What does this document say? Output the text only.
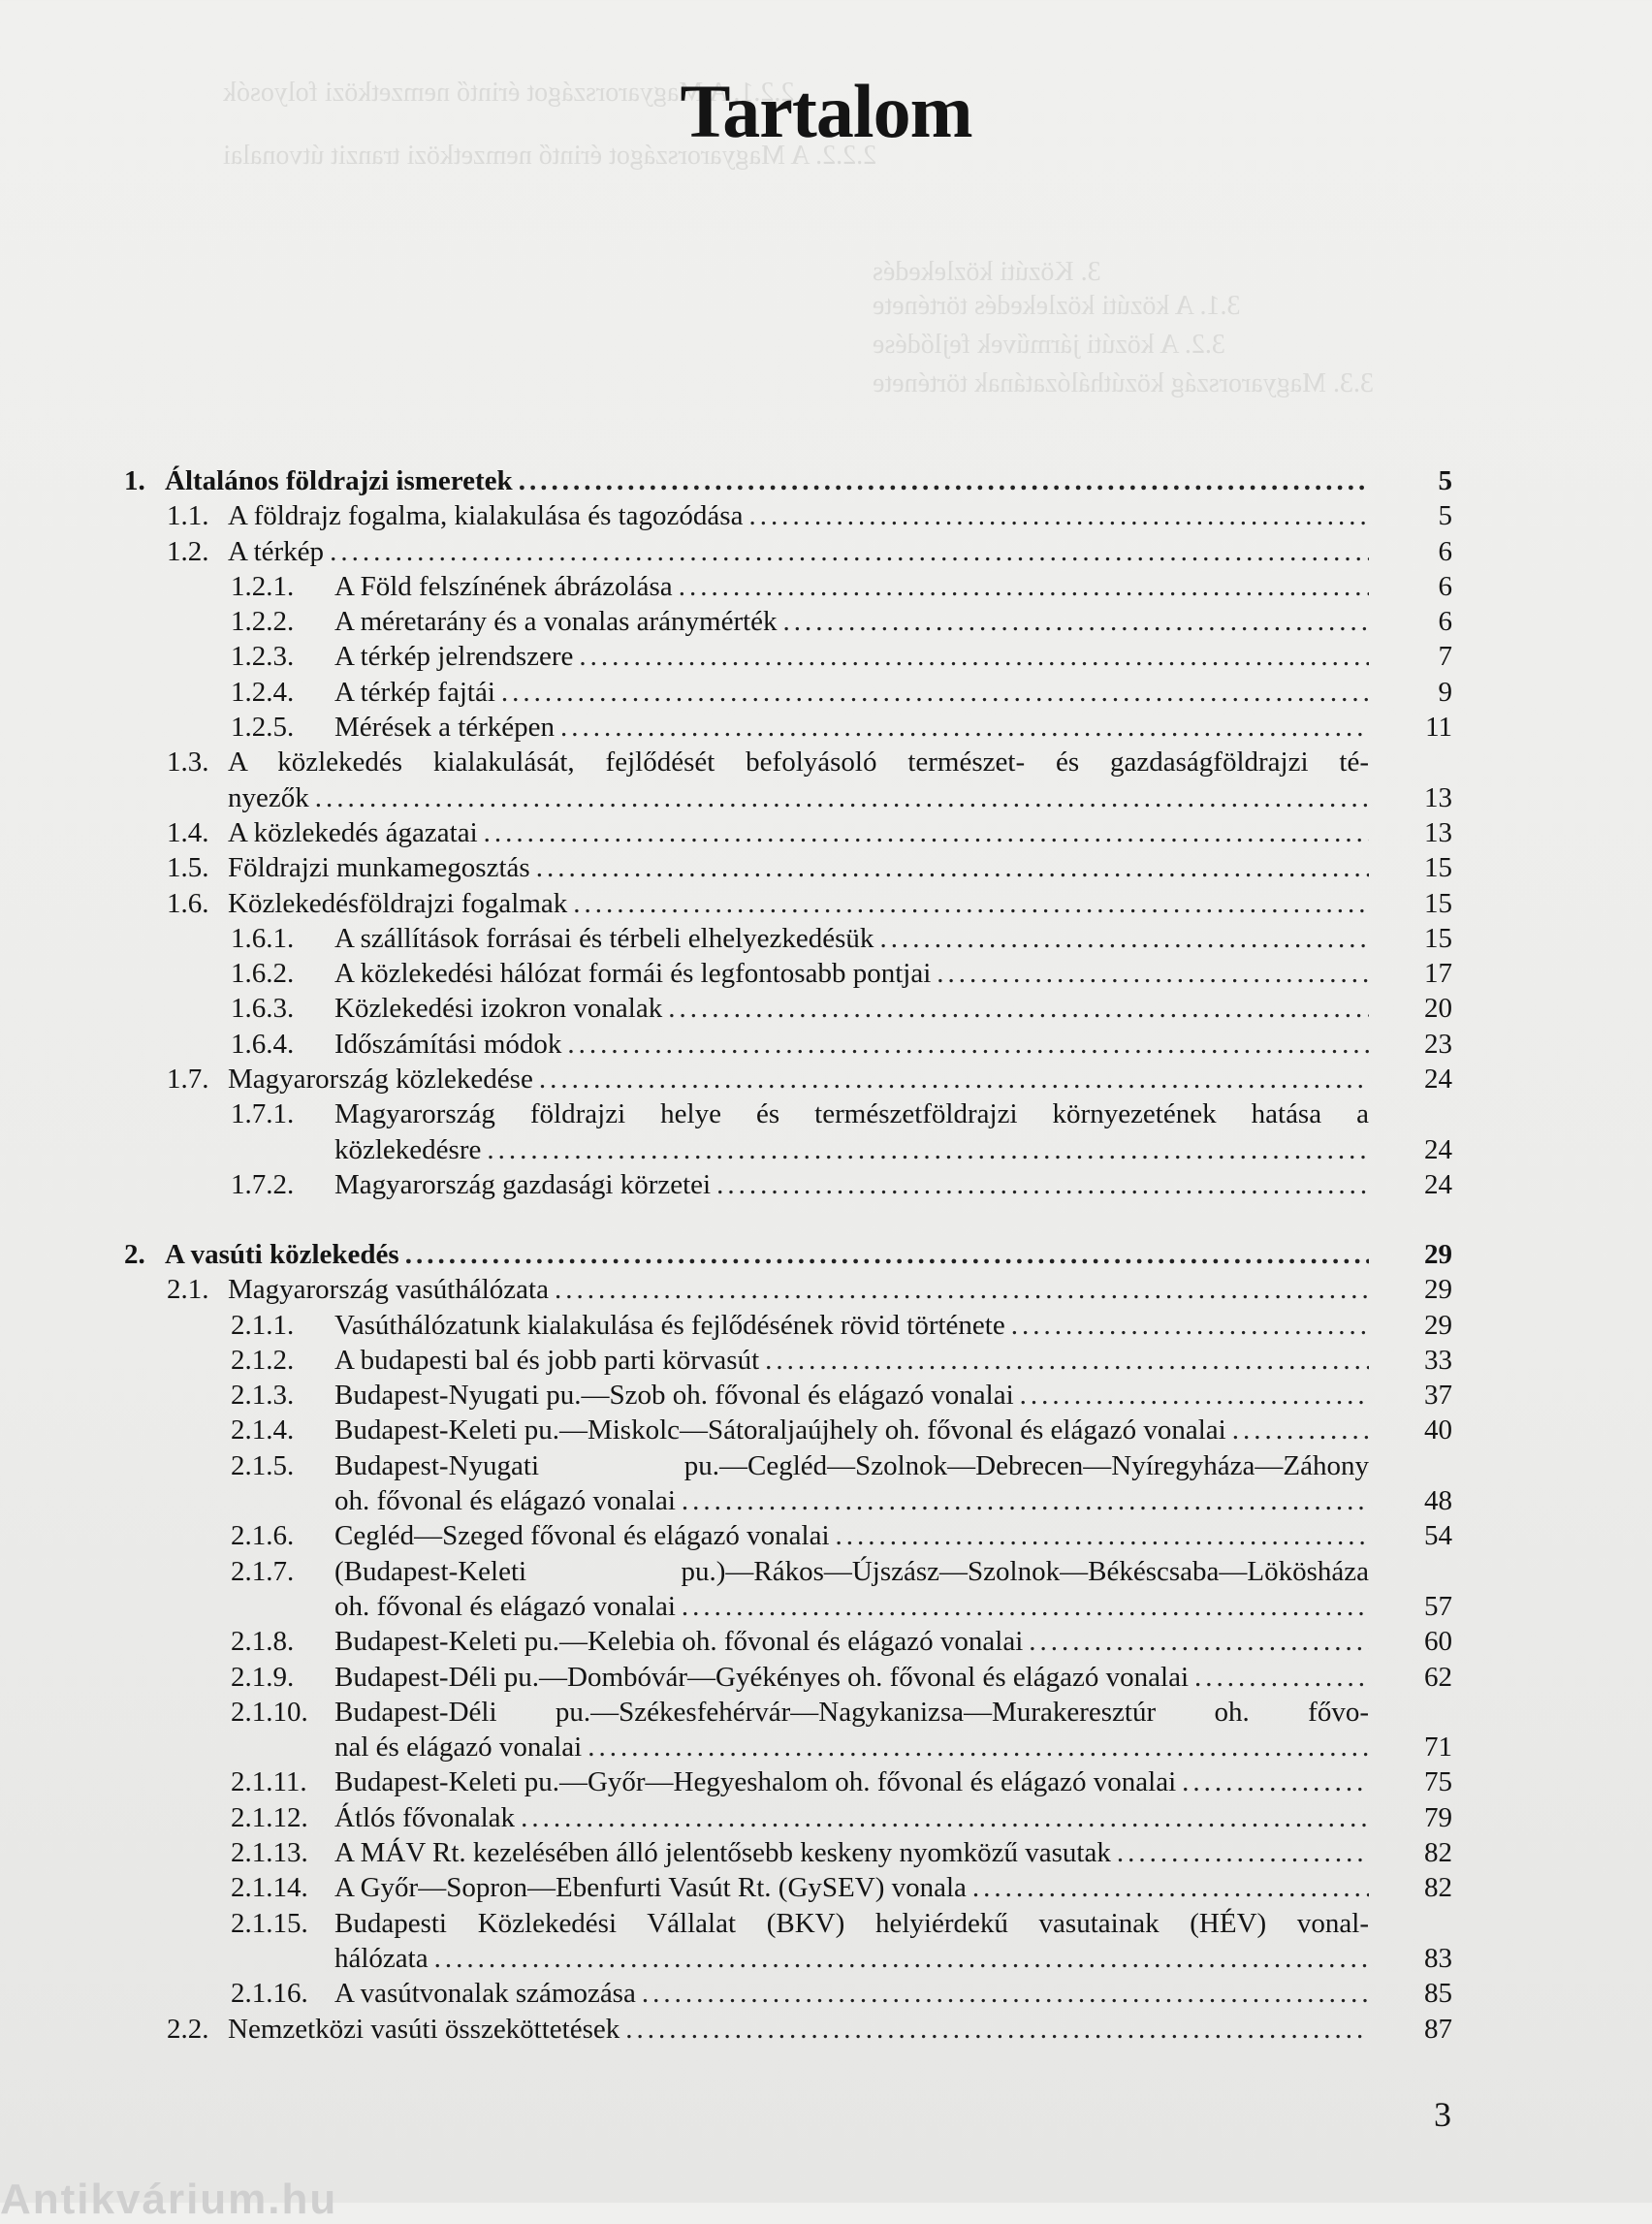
2.2.1. A Magyarországot érintő nemzetközi folyosók
2.2.2. A Magyarországot érintő nemzetközi tranzit útvonalai
3. Közúti közlekedés
3.1. A közúti közlekedés története
3.2. A közúti járművek fejlődése
3.3. Magyarország közúthálózatának története
Tartalom
1. Általános földrajzi ismeretek .....	5
1.1. A földrajz fogalma, kialakulása és tagozódása .....	5
1.2. A térkép .....	6
1.2.1. A Föld felszínének ábrázolása .....	6
1.2.2. A méretarány és a vonalas aránymérték .....	6
1.2.3. A térkép jelrendszere .....	7
1.2.4. A térkép fajtái .....	9
1.2.5. Mérések a térképen .....	11
1.3. A közlekedés kialakulását, fejlődését befolyásoló természet- és gazdaságföldrajzi té-
nyezők .....	13
1.4. A közlekedés ágazatai .....	13
1.5. Földrajzi munkamegosztás .....	15
1.6. Közlekedésföldrajzi fogalmak .....	15
1.6.1. A szállítások forrásai és térbeli elhelyezkedésük .....	15
1.6.2. A közlekedési hálózat formái és legfontosabb pontjai .....	17
1.6.3. Közlekedési izokron vonalak .....	20
1.6.4. Időszámítási módok .....	23
1.7. Magyarország közlekedése .....	24
1.7.1. Magyarország földrajzi helye és természetföldrajzi környezetének hatása a
közlekedésre .....	24
1.7.2. Magyarország gazdasági körzetei .....	24
2. A vasúti közlekedés .....	29
2.1. Magyarország vasúthálózata .....	29
2.1.1. Vasúthálózatunk kialakulása és fejlődésének rövid története .....	29
2.1.2. A budapesti bal és jobb parti körvasút .....	33
2.1.3. Budapest-Nyugati pu.—Szob oh. fővonal és elágazó vonalai .....	37
2.1.4. Budapest-Keleti pu.—Miskolc—Sátoraljaújhely oh. fővonal és elágazó vonalai .....	40
2.1.5. Budapest-Nyugati pu.—Cegléd—Szolnok—Debrecen—Nyíregyháza—Záhony
oh. fővonal és elágazó vonalai .....	48
2.1.6. Cegléd—Szeged fővonal és elágazó vonalai .....	54
2.1.7. (Budapest-Keleti pu.)—Rákos—Újszász—Szolnok—Békéscsaba—Lökösháza
oh. fővonal és elágazó vonalai .....	57
2.1.8. Budapest-Keleti pu.—Kelebia oh. fővonal és elágazó vonalai .....	60
2.1.9. Budapest-Déli pu.—Dombóvár—Gyékényes oh. fővonal és elágazó vonalai .....	62
2.1.10. Budapest-Déli pu.—Székesfehérvár—Nagykanizsa—Murakeresztúr oh. fővo-
nal és elágazó vonalai .....	71
2.1.11. Budapest-Keleti pu.—Győr—Hegyeshalom oh. fővonal és elágazó vonalai .....	75
2.1.12. Átlós fővonalak .....	79
2.1.13. A MÁV Rt. kezelésében álló jelentősebb keskeny nyomközű vasutak .....	82
2.1.14. A Győr—Sopron—Ebenfurti Vasút Rt. (GySEV) vonala .....	82
2.1.15. Budapesti Közlekedési Vállalat (BKV) helyiérdekű vasutainak (HÉV) vonal-
hálózata .....	83
2.1.16. A vasútvonalak számozása .....	85
2.2. Nemzetközi vasúti összeköttetések .....	87
3
Antikvárium.hu
